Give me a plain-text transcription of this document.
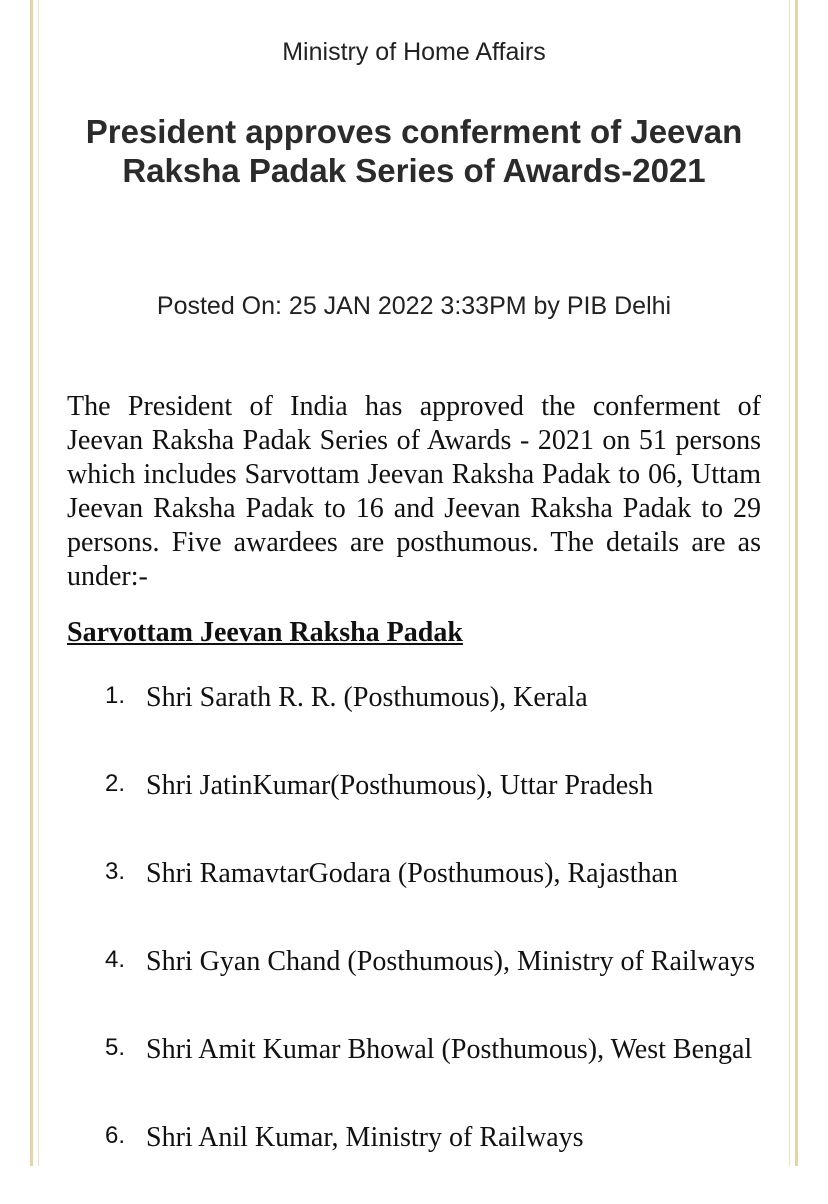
Ministry of Home Affairs
President approves conferment of Jeevan Raksha Padak Series of Awards-2021
Posted On: 25 JAN 2022 3:33PM by PIB Delhi
The President of India has approved the conferment of Jeevan Raksha Padak Series of Awards - 2021 on 51 persons which includes Sarvottam Jeevan Raksha Padak to 06, Uttam Jeevan Raksha Padak to 16 and Jeevan Raksha Padak to 29 persons. Five awardees are posthumous. The details are as under:-
Sarvottam Jeevan Raksha Padak
1. Shri Sarath R. R. (Posthumous), Kerala
2. Shri JatinKumar(Posthumous), Uttar Pradesh
3. Shri RamavtarGodara (Posthumous), Rajasthan
4. Shri Gyan Chand (Posthumous), Ministry of Railways
5. Shri Amit Kumar Bhowal (Posthumous), West Bengal
6. Shri Anil Kumar, Ministry of Railways
